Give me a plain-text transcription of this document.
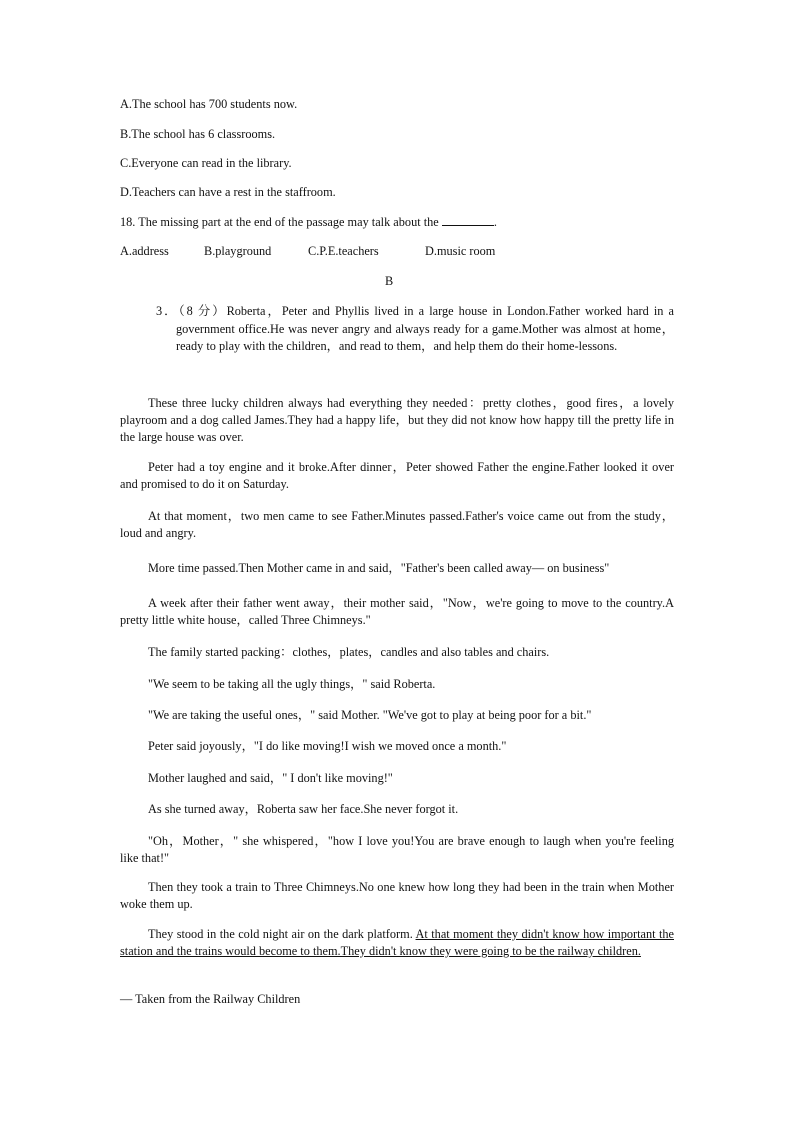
A.The school has 700 students now.
B.The school has 6 classrooms.
C.Everyone can read in the library.
D.Teachers can have a rest in the staffroom.
18. The missing part at the end of the passage may talk about the	.
A.address	B.playground	C.P.E.teachers	D.music room
B
3．（8 分）Roberta，Peter and Phyllis lived in a large house in London.Father worked hard in a government office.He was never angry and always ready for a game.Mother was almost at home，ready to play with the children，and read to them，and help them do their home-lessons.
These three lucky children always had everything they needed：pretty clothes，good fires，a lovely playroom and a dog called James.They had a happy life，but they did not know how happy till the pretty life in the large house was over.
Peter had a toy engine and it broke.After dinner，Peter showed Father the engine.Father looked it over and promised to do it on Saturday.
At that moment，two men came to see Father.Minutes passed.Father's voice came out from the study，loud and angry.
More time passed.Then Mother came in and said，"Father's been called away— on business"
A week after their father went away，their mother said，"Now，we're going to move to the country.A pretty little white house，called Three Chimneys."
The family started packing：clothes，plates，candles and also tables and chairs.
"We seem to be taking all the ugly things，" said Roberta.
"We are taking the useful ones，" said Mother. "We've got to play at being poor for a bit."
Peter said joyously，"I do like moving!I wish we moved once a month."
Mother laughed and said，" I don't like moving!"
As she turned away，Roberta saw her face.She never forgot it.
"Oh，Mother，" she whispered，"how I love you!You are brave enough to laugh when you're feeling like that!"
Then they took a train to Three Chimneys.No one knew how long they had been in the train when Mother woke them up.
They stood in the cold night air on the dark platform. At that moment they didn't know how important the station and the trains would become to them.They didn't know they were going to be the railway children.
— Taken from the Railway Children
